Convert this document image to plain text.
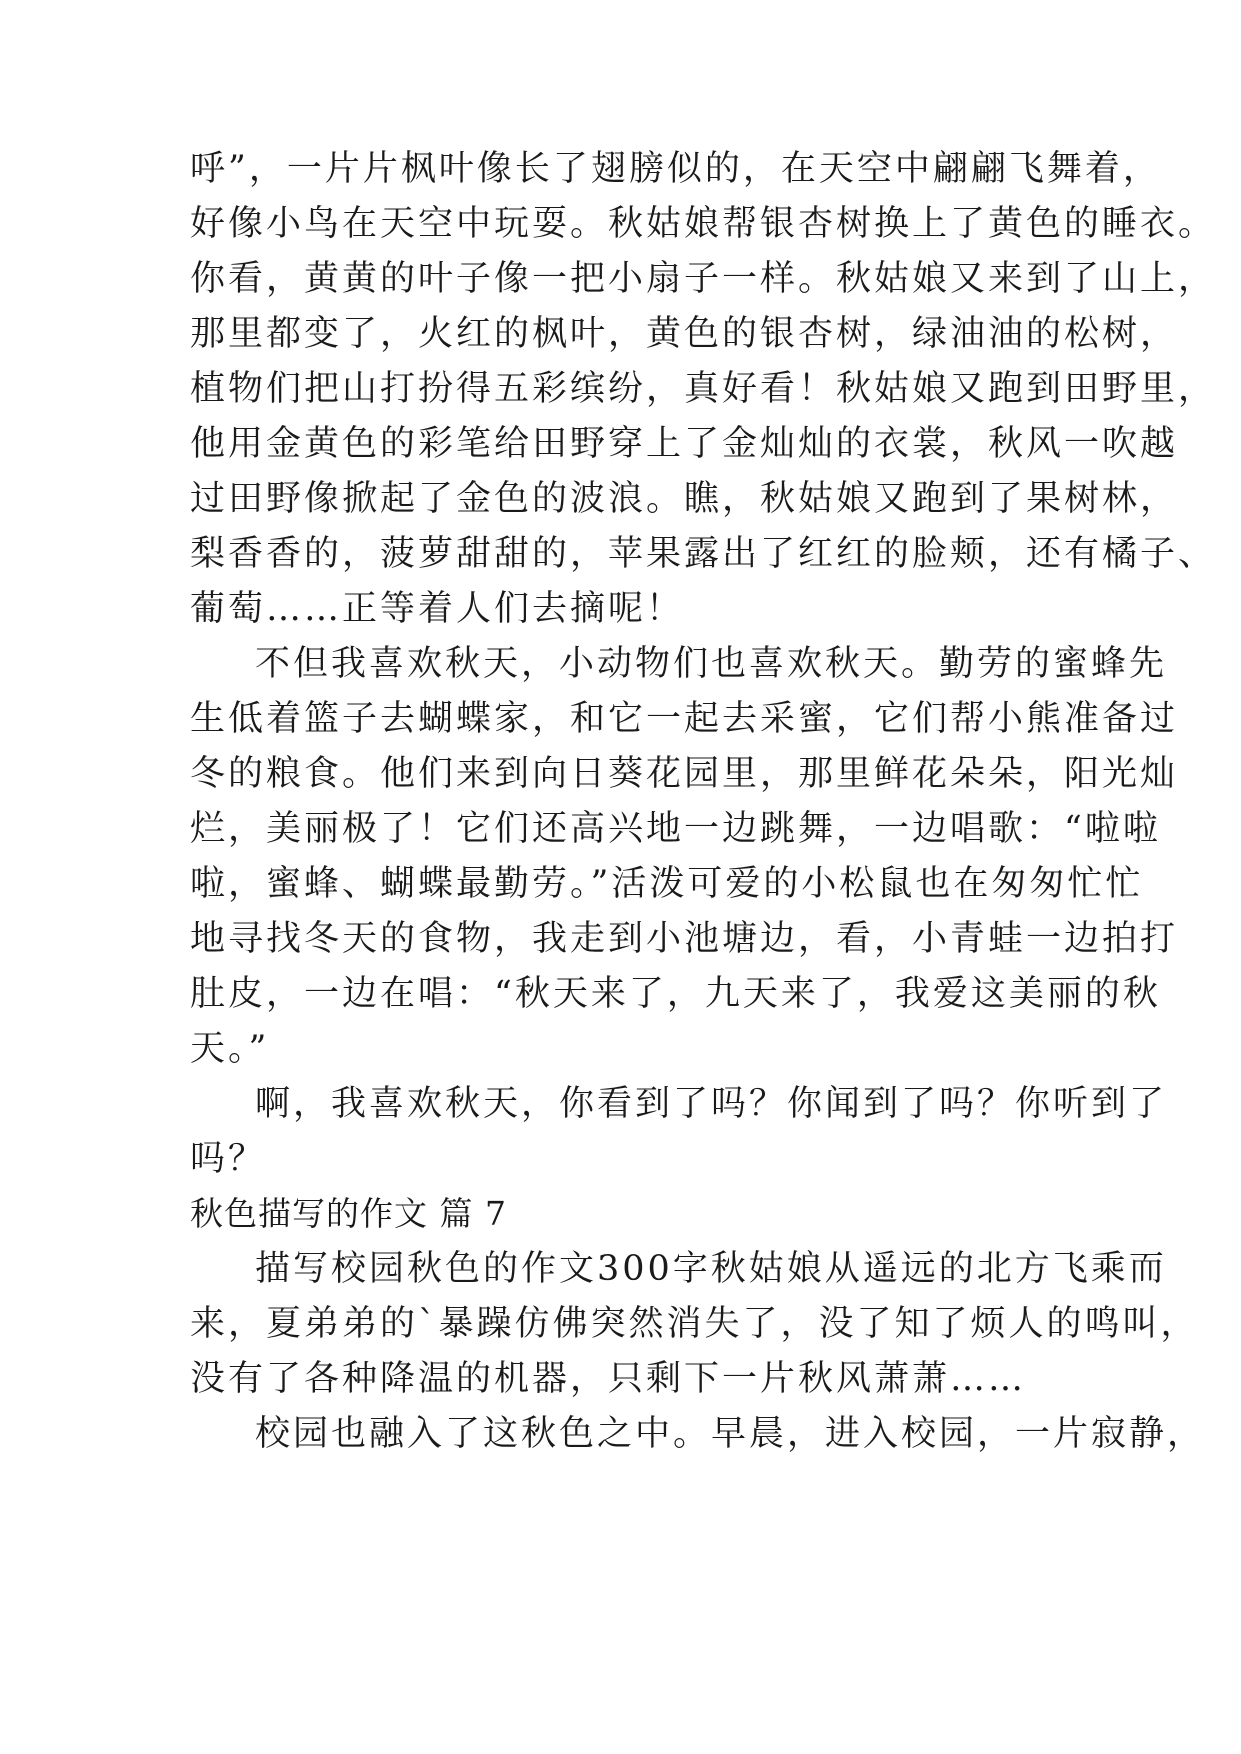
呼”，一片片枫叶像长了翅膀似的，在天空中翩翩飞舞着，
好像小鸟在天空中玩耍。秋姑娘帮银杏树换上了黄色的睡衣。
你看，黄黄的叶子像一把小扇子一样。秋姑娘又来到了山上，
那里都变了，火红的枫叶，黄色的银杏树，绿油油的松树，
植物们把山打扮得五彩缤纷，真好看！秋姑娘又跑到田野里，
他用金黄色的彩笔给田野穿上了金灿灿的衣裳，秋风一吹越
过田野像掀起了金色的波浪。瞧，秋姑娘又跑到了果树林，
梨香香的，菠萝甜甜的，苹果露出了红红的脸颊，还有橘子、
葡萄……正等着人们去摘呢！
不但我喜欢秋天，小动物们也喜欢秋天。勤劳的蜜蜂先
生低着篮子去蝴蝶家，和它一起去采蜜，它们帮小熊准备过
冬的粮食。他们来到向日葵花园里，那里鲜花朵朵，阳光灿
烂，美丽极了！它们还高兴地一边跳舞，一边唱歌：“啦啦
啦，蜜蜂、蝴蝶最勤劳。”活泼可爱的小松鼠也在匆匆忙忙
地寻找冬天的食物，我走到小池塘边，看，小青蛙一边拍打
肚皮，一边在唱：“秋天来了，九天来了，我爱这美丽的秋
天。”
啊，我喜欢秋天，你看到了吗？你闻到了吗？你听到了
吗？
秋色描写的作文 篇 7
描写校园秋色的作文300字秋姑娘从遥远的北方飞乘而
来，夏弟弟的`暴躁仿佛突然消失了，没了知了烦人的鸣叫，
没有了各种降温的机器，只剩下一片秋风萧萧……
校园也融入了这秋色之中。早晨，进入校园，一片寂静，
